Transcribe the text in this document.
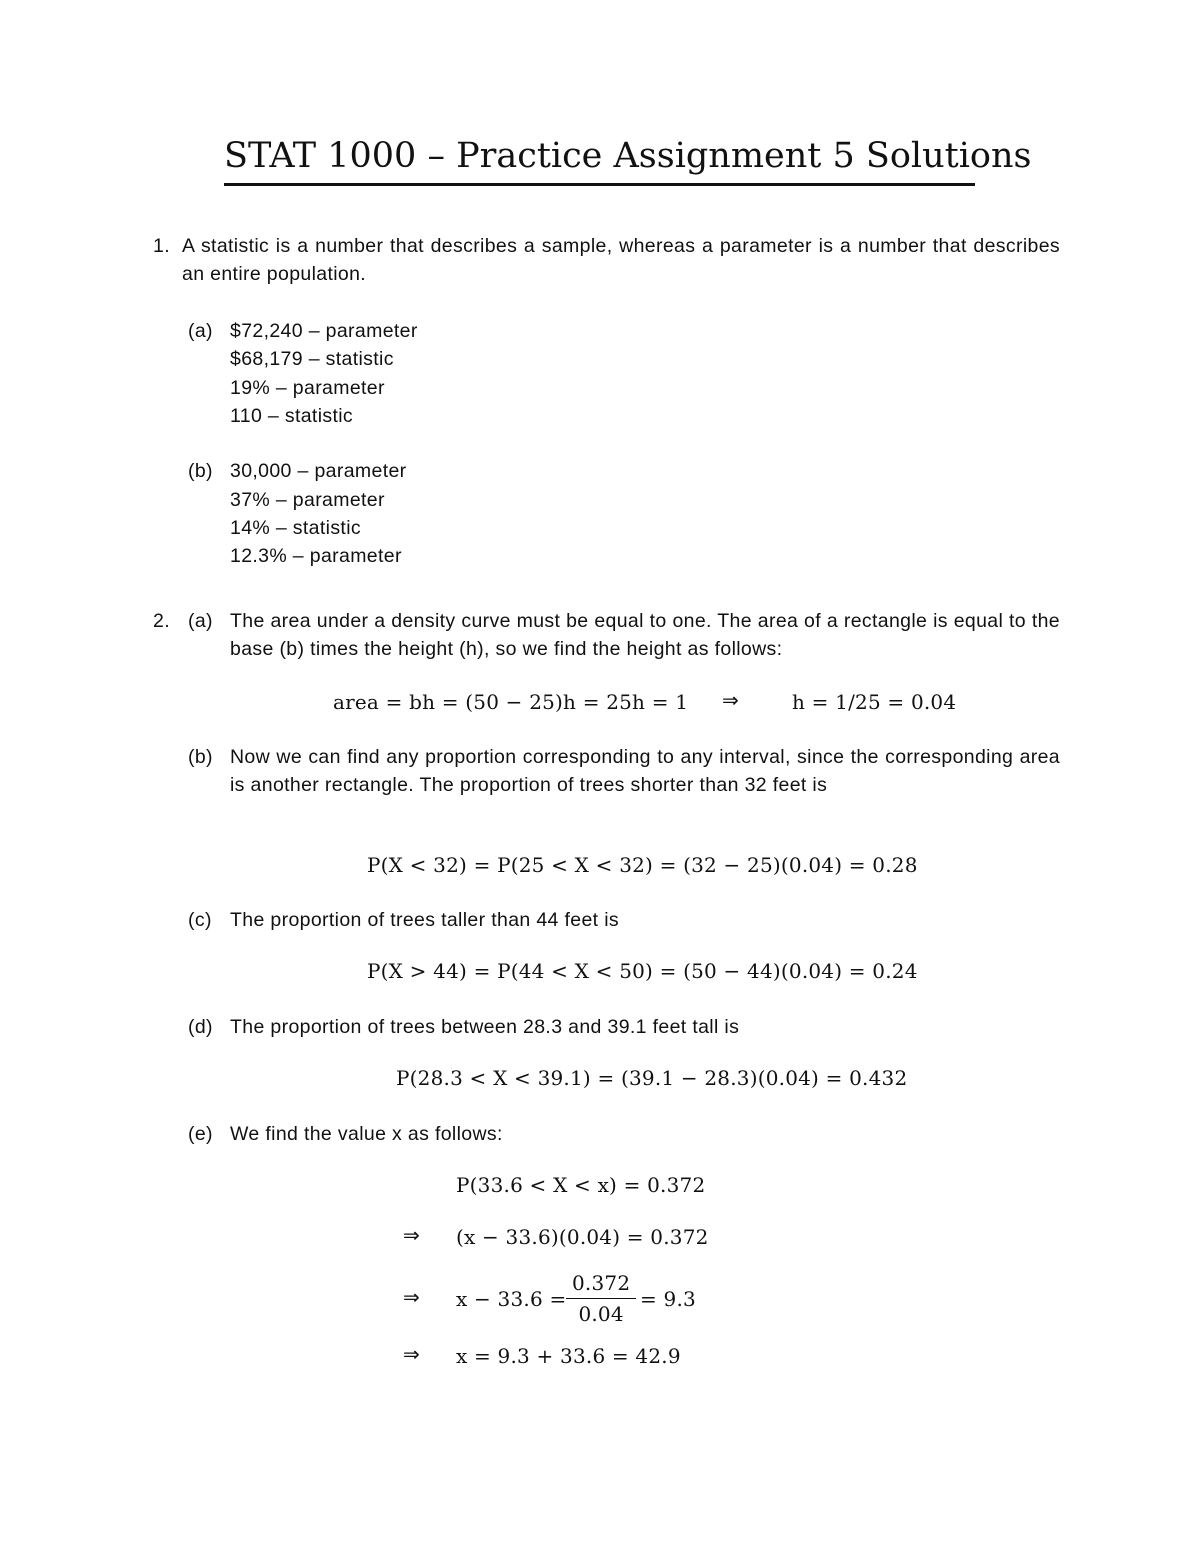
STAT 1000 – Practice Assignment 5 Solutions
1. A statistic is a number that describes a sample, whereas a parameter is a number that describes an entire population.
(a) $72,240 – parameter
$68,179 – statistic
19% – parameter
110 – statistic
(b) 30,000 – parameter
37% – parameter
14% – statistic
12.3% – parameter
2. (a) The area under a density curve must be equal to one. The area of a rectangle is equal to the base (b) times the height (h), so we find the height as follows:
area = bh = (50 − 25)h = 25h = 1 ⇒	h = 1/25 = 0.04
(b) Now we can find any proportion corresponding to any interval, since the corresponding area is another rectangle. The proportion of trees shorter than 32 feet is
P(X < 32) = P(25 < X < 32) = (32 − 25)(0.04) = 0.28
(c) The proportion of trees taller than 44 feet is
P(X > 44) = P(44 < X < 50) = (50 − 44)(0.04) = 0.24
(d) The proportion of trees between 28.3 and 39.1 feet tall is
P(28.3 < X < 39.1) = (39.1 − 28.3)(0.04) = 0.432
(e) We find the value x as follows:
P(33.6 < X < x) = 0.372
⇒ (x − 33.6)(0.04) = 0.372
⇒ $x - 33.6 = \frac{0.372}{0.04} = 9.3$
⇒ x = 9.3 + 33.6 = 42.9
